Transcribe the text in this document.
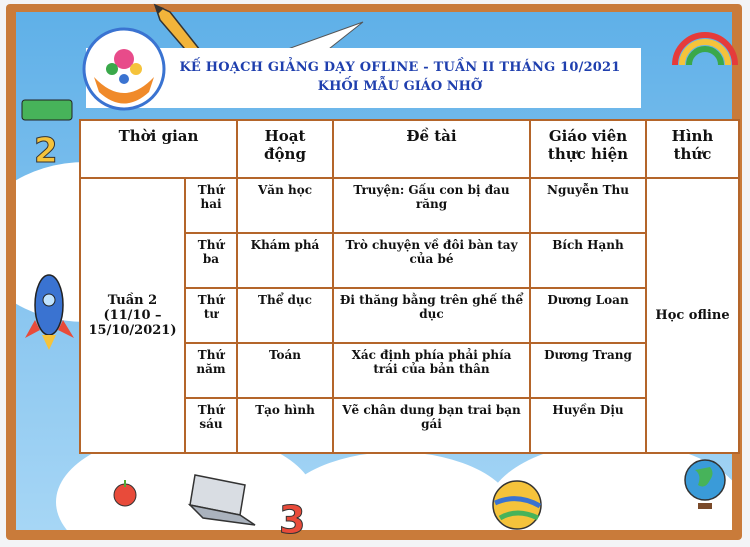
2
3
KẾ HOẠCH GIẢNG DẠY OFLINE - TUẦN II THÁNG 10/2021
KHỐI MẪU GIÁO NHỠ
Thời gian		Hoạt động	Đề tài	Giáo viên thực hiện	Hình thức
Tuần 2 (11/10 – 15/10/2021)	Thứ hai	Văn học	Truyện: Gấu con bị đau răng	Nguyễn Thu	Học ofline
	Thứ ba	Khám phá	Trò chuyện về đôi bàn tay của bé	Bích Hạnh	
	Thứ tư	Thể dục	Đi thăng bằng trên ghế thể dục	Dương Loan	
	Thứ năm	Toán	Xác định phía phải phía trái của bản thân	Dương Trang	
	Thứ sáu	Tạo hình	Vẽ chân dung bạn trai bạn gái	Huyền Dịu	
